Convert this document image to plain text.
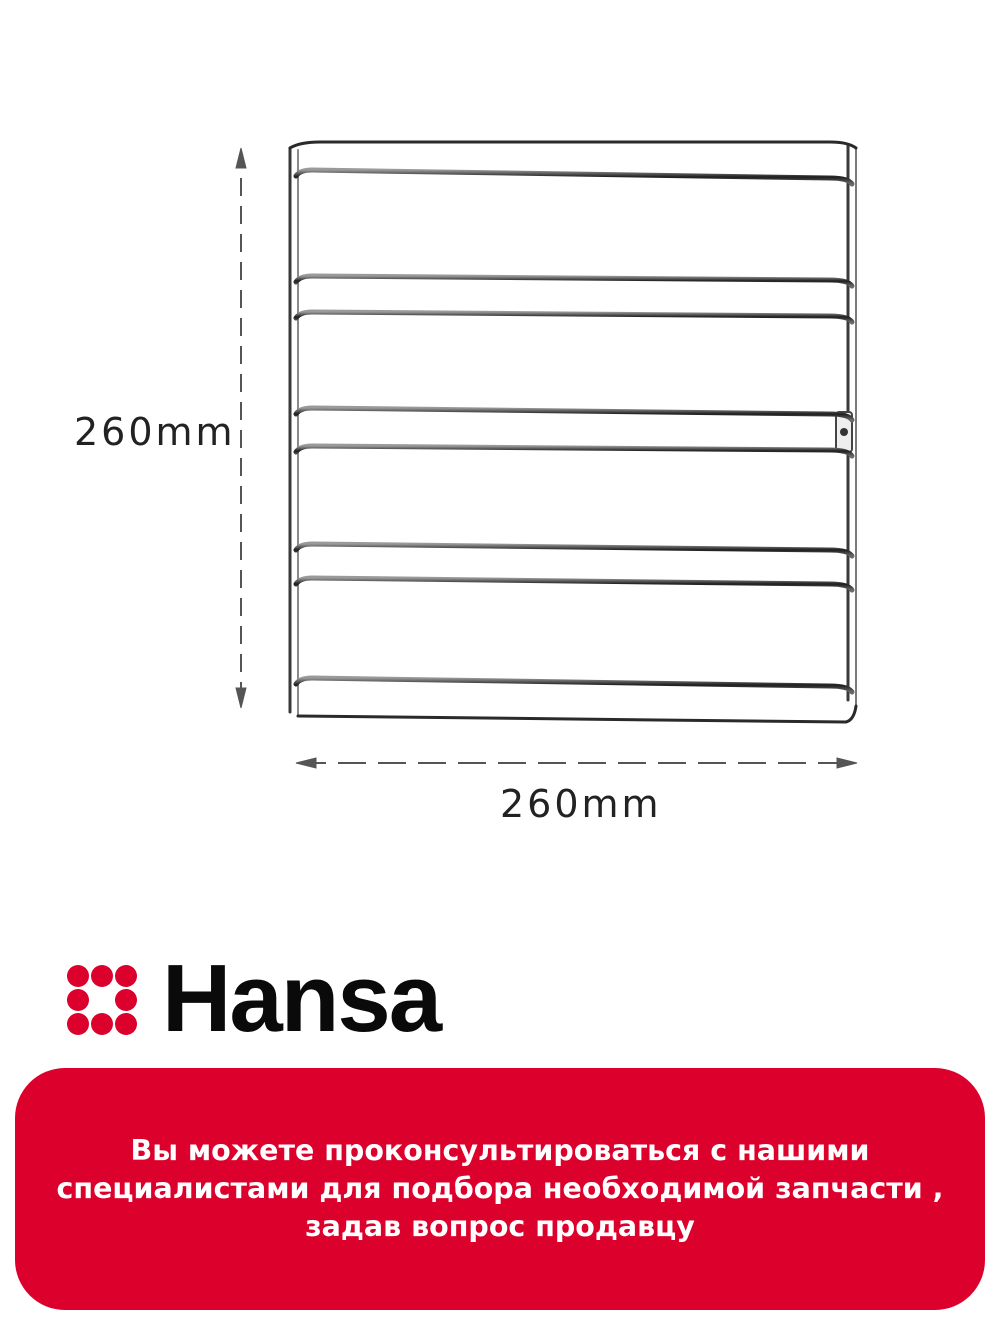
260mm
260mm
Hansa
Вы можете проконсультироваться с нашими
специалистами для подбора необходимой запчасти ,
задав вопрос продавцу
